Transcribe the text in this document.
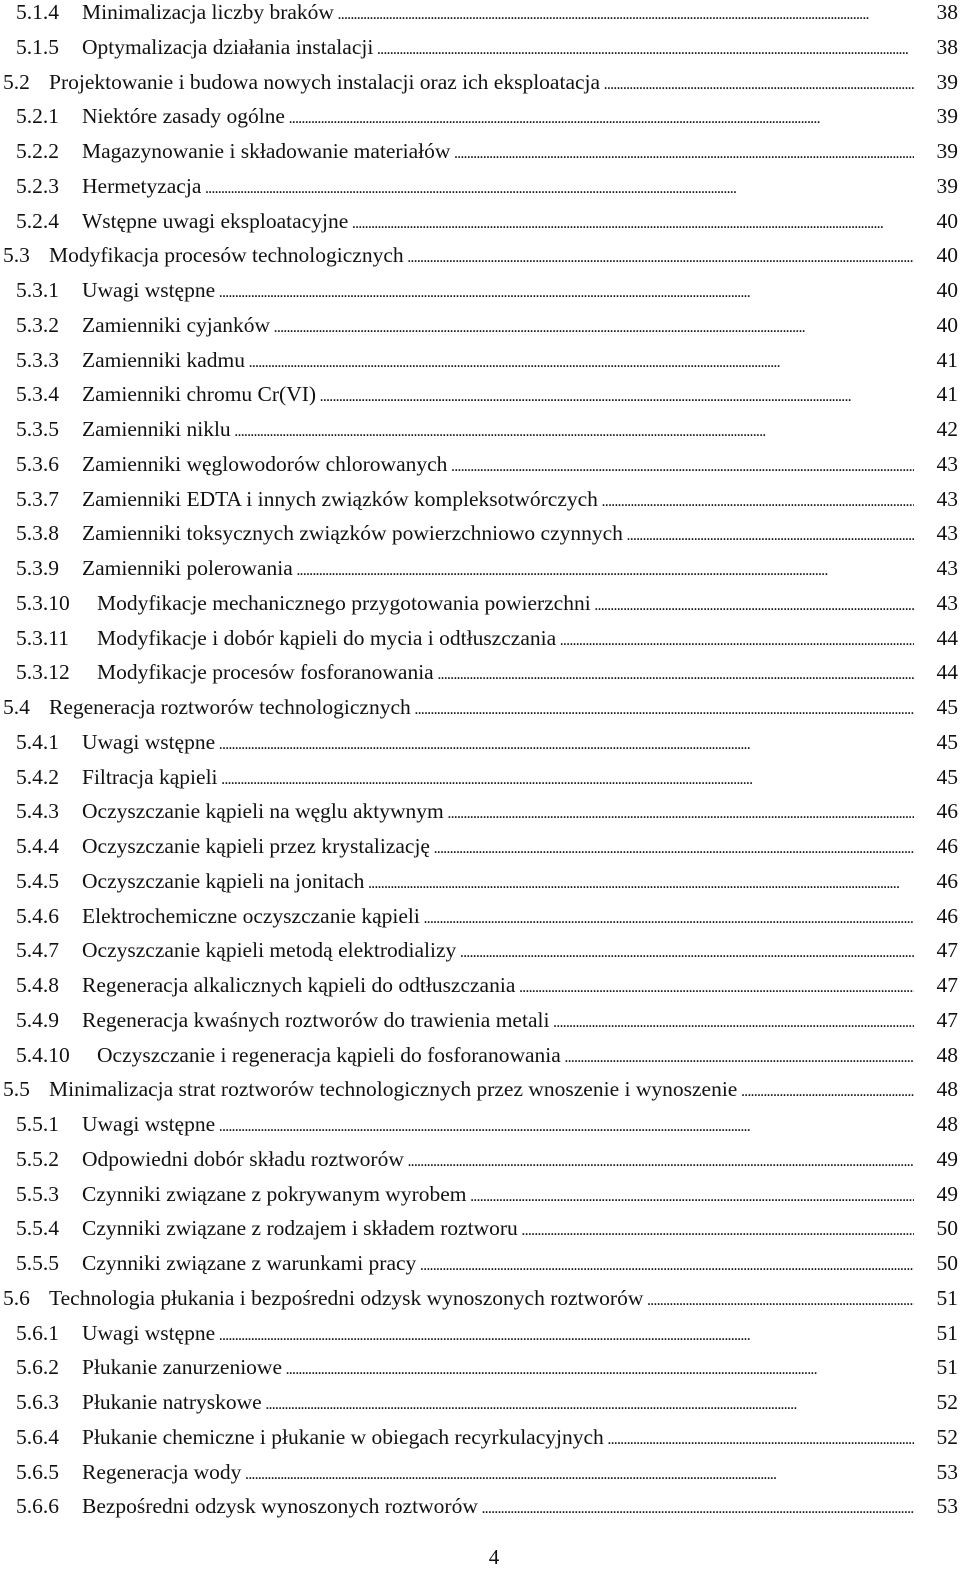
5.1.4 Minimalizacja liczby braków . . .	38
5.1.5 Optymalizacja działania instalacji . . .	38
5.2 Projektowanie i budowa nowych instalacji oraz ich eksploatacja . . .	39
5.2.1 Niektóre zasady ogólne . . .	39
5.2.2 Magazynowanie i składowanie materiałów . . .	39
5.2.3 Hermetyzacja . . .	39
5.2.4 Wstępne uwagi eksploatacyjne . . .	40
5.3 Modyfikacja procesów technologicznych . . .	40
5.3.1 Uwagi wstępne . . .	40
5.3.2 Zamienniki cyjanków . . .	40
5.3.3 Zamienniki kadmu . . .	41
5.3.4 Zamienniki chromu Cr(VI) . . .	41
5.3.5 Zamienniki niklu . . .	42
5.3.6 Zamienniki węglowodorów chlorowanych . . .	43
5.3.7 Zamienniki EDTA i innych związków kompleksotwórczych . . .	43
5.3.8 Zamienniki toksycznych związków powierzchniowo czynnych . . .	43
5.3.9 Zamienniki polerowania . . .	43
5.3.10 Modyfikacje mechanicznego przygotowania powierzchni . . .	43
5.3.11 Modyfikacje i dobór kąpieli do mycia i odtłuszczania . . .	44
5.3.12 Modyfikacje procesów fosforanowania . . .	44
5.4 Regeneracja roztworów technologicznych . . .	45
5.4.1 Uwagi wstępne . . .	45
5.4.2 Filtracja kąpieli . . .	45
5.4.3 Oczyszczanie kąpieli na węglu aktywnym . . .	46
5.4.4 Oczyszczanie kąpieli przez krystalizację . . .	46
5.4.5 Oczyszczanie kąpieli na jonitach . . .	46
5.4.6 Elektrochemiczne oczyszczanie kąpieli . . .	46
5.4.7 Oczyszczanie kąpieli metodą elektrodializy . . .	47
5.4.8 Regeneracja alkalicznych kąpieli do odtłuszczania . . .	47
5.4.9 Regeneracja kwaśnych roztworów do trawienia metali . . .	47
5.4.10 Oczyszczanie i regeneracja kąpieli do fosforanowania . . .	48
5.5 Minimalizacja strat roztworów technologicznych przez wnoszenie i wynoszenie . . .	48
5.5.1 Uwagi wstępne . . .	48
5.5.2 Odpowiedni dobór składu roztworów . . .	49
5.5.3 Czynniki związane z pokrywanym wyrobem . . .	49
5.5.4 Czynniki związane z rodzajem i składem roztworu . . .	50
5.5.5 Czynniki związane z warunkami pracy . . .	50
5.6 Technologia płukania i bezpośredni odzysk wynoszonych roztworów . . .	51
5.6.1 Uwagi wstępne . . .	51
5.6.2 Płukanie zanurzeniowe . . .	51
5.6.3 Płukanie natryskowe . . .	52
5.6.4 Płukanie chemiczne i płukanie w obiegach recyrkulacyjnych . . .	52
5.6.5 Regeneracja wody . . .	53
5.6.6 Bezpośredni odzysk wynoszonych roztworów . . .	53
4
